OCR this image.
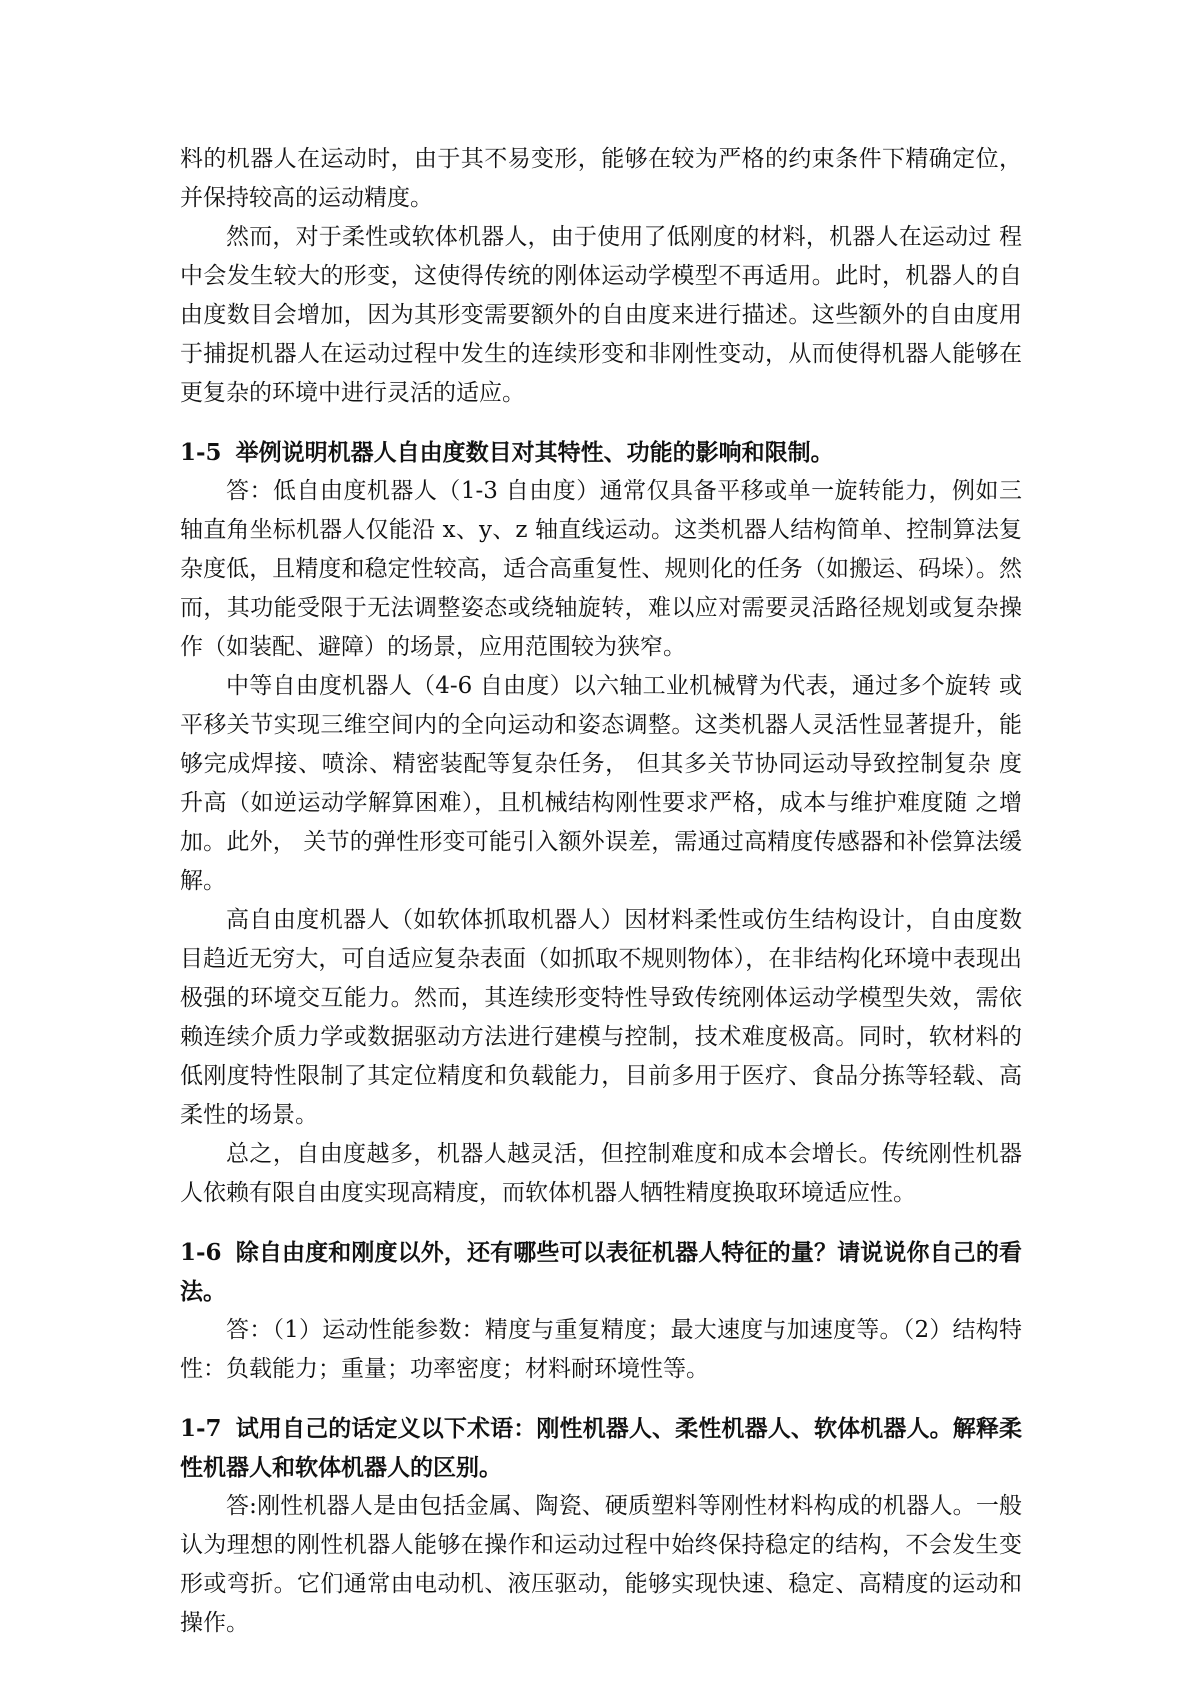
料的机器人在运动时，由于其不易变形，能够在较为严格的约束条件下精确定位，并保持较高的运动精度。

然而，对于柔性或软体机器人，由于使用了低刚度的材料，机器人在运动过 程中会发生较大的形变，这使得传统的刚体运动学模型不再适用。此时，机器人的自由度数目会增加，因为其形变需要额外的自由度来进行描述。这些额外的自由度用于捕捉机器人在运动过程中发生的连续形变和非刚性变动，从而使得机器人能够在更复杂的环境中进行灵活的适应。

1-5 举例说明机器人自由度数目对其特性、功能的影响和限制。

答：低自由度机器人（1-3 自由度）通常仅具备平移或单一旋转能力，例如三轴直角坐标机器人仅能沿 x、y、z 轴直线运动。这类机器人结构简单、控制算法复杂度低，且精度和稳定性较高，适合高重复性、规则化的任务（如搬运、码垛）。然而，其功能受限于无法调整姿态或绕轴旋转，难以应对需要灵活路径规划或复杂操作（如装配、避障）的场景，应用范围较为狭窄。

中等自由度机器人（4-6 自由度）以六轴工业机械臂为代表，通过多个旋转 或平移关节实现三维空间内的全向运动和姿态调整。这类机器人灵活性显著提升，能够完成焊接、喷涂、精密装配等复杂任务， 但其多关节协同运动导致控制复杂 度升高（如逆运动学解算困难），且机械结构刚性要求严格，成本与维护难度随 之增加。此外， 关节的弹性形变可能引入额外误差，需通过高精度传感器和补偿算法缓解。

高自由度机器人（如软体抓取机器人）因材料柔性或仿生结构设计，自由度数目趋近无穷大，可自适应复杂表面（如抓取不规则物体），在非结构化环境中表现出极强的环境交互能力。然而，其连续形变特性导致传统刚体运动学模型失效，需依赖连续介质力学或数据驱动方法进行建模与控制，技术难度极高。同时，软材料的低刚度特性限制了其定位精度和负载能力，目前多用于医疗、食品分拣等轻载、高柔性的场景。

总之，自由度越多，机器人越灵活，但控制难度和成本会增长。传统刚性机器人依赖有限自由度实现高精度，而软体机器人牺牲精度换取环境适应性。

1-6 除自由度和刚度以外，还有哪些可以表征机器人特征的量？请说说你自己的看法。

答：（1）运动性能参数：精度与重复精度；最大速度与加速度等。（2）结构特性：负载能力；重量；功率密度；材料耐环境性等。

1-7 试用自己的话定义以下术语：刚性机器人、柔性机器人、软体机器人。解释柔性机器人和软体机器人的区别。

答:刚性机器人是由包括金属、陶瓷、硬质塑料等刚性材料构成的机器人。一般认为理想的刚性机器人能够在操作和运动过程中始终保持稳定的结构，不会发生变形或弯折。它们通常由电动机、液压驱动，能够实现快速、稳定、高精度的运动和操作。
